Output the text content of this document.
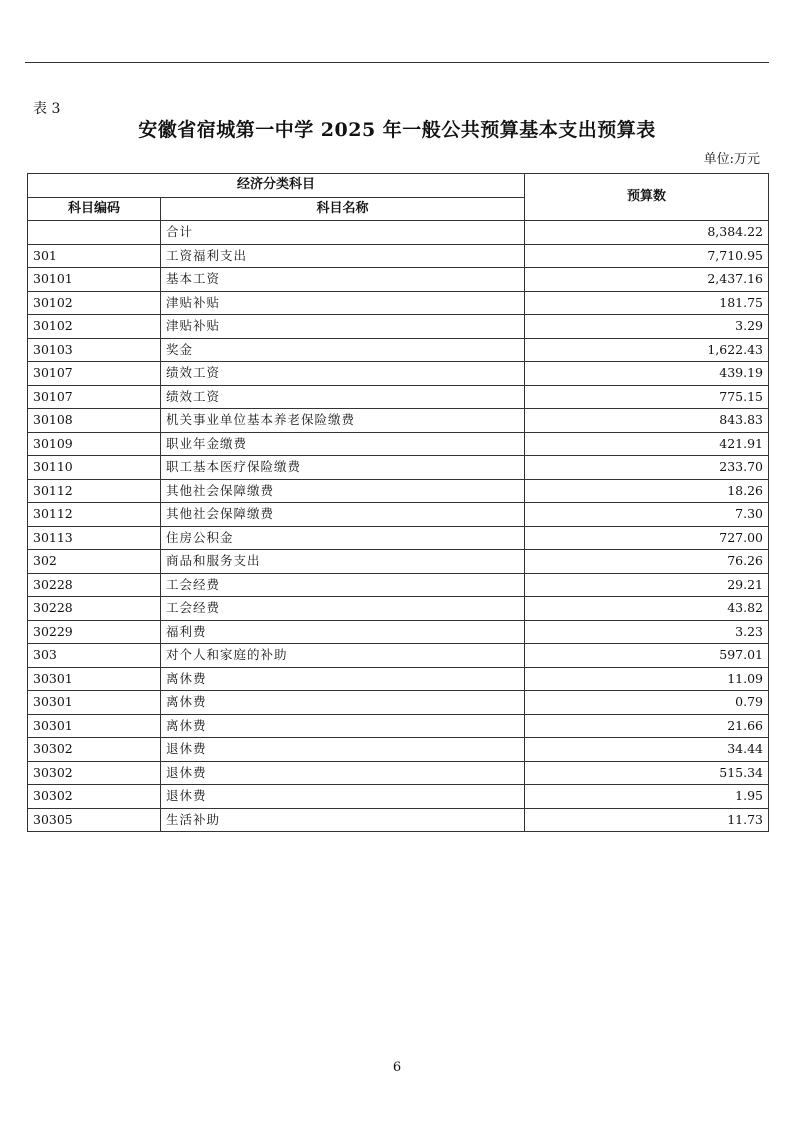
表 3
安徽省宿城第一中学 2025 年一般公共预算基本支出预算表
单位:万元
经济分类科目		预算数
科目编码	科目名称	
	合计	8,384.22
301	工资福利支出	7,710.95
30101	基本工资	2,437.16
30102	津贴补贴	181.75
30102	津贴补贴	3.29
30103	奖金	1,622.43
30107	绩效工资	439.19
30107	绩效工资	775.15
30108	机关事业单位基本养老保险缴费	843.83
30109	职业年金缴费	421.91
30110	职工基本医疗保险缴费	233.70
30112	其他社会保障缴费	18.26
30112	其他社会保障缴费	7.30
30113	住房公积金	727.00
302	商品和服务支出	76.26
30228	工会经费	29.21
30228	工会经费	43.82
30229	福利费	3.23
303	对个人和家庭的补助	597.01
30301	离休费	11.09
30301	离休费	0.79
30301	离休费	21.66
30302	退休费	34.44
30302	退休费	515.34
30302	退休费	1.95
30305	生活补助	11.73
6
